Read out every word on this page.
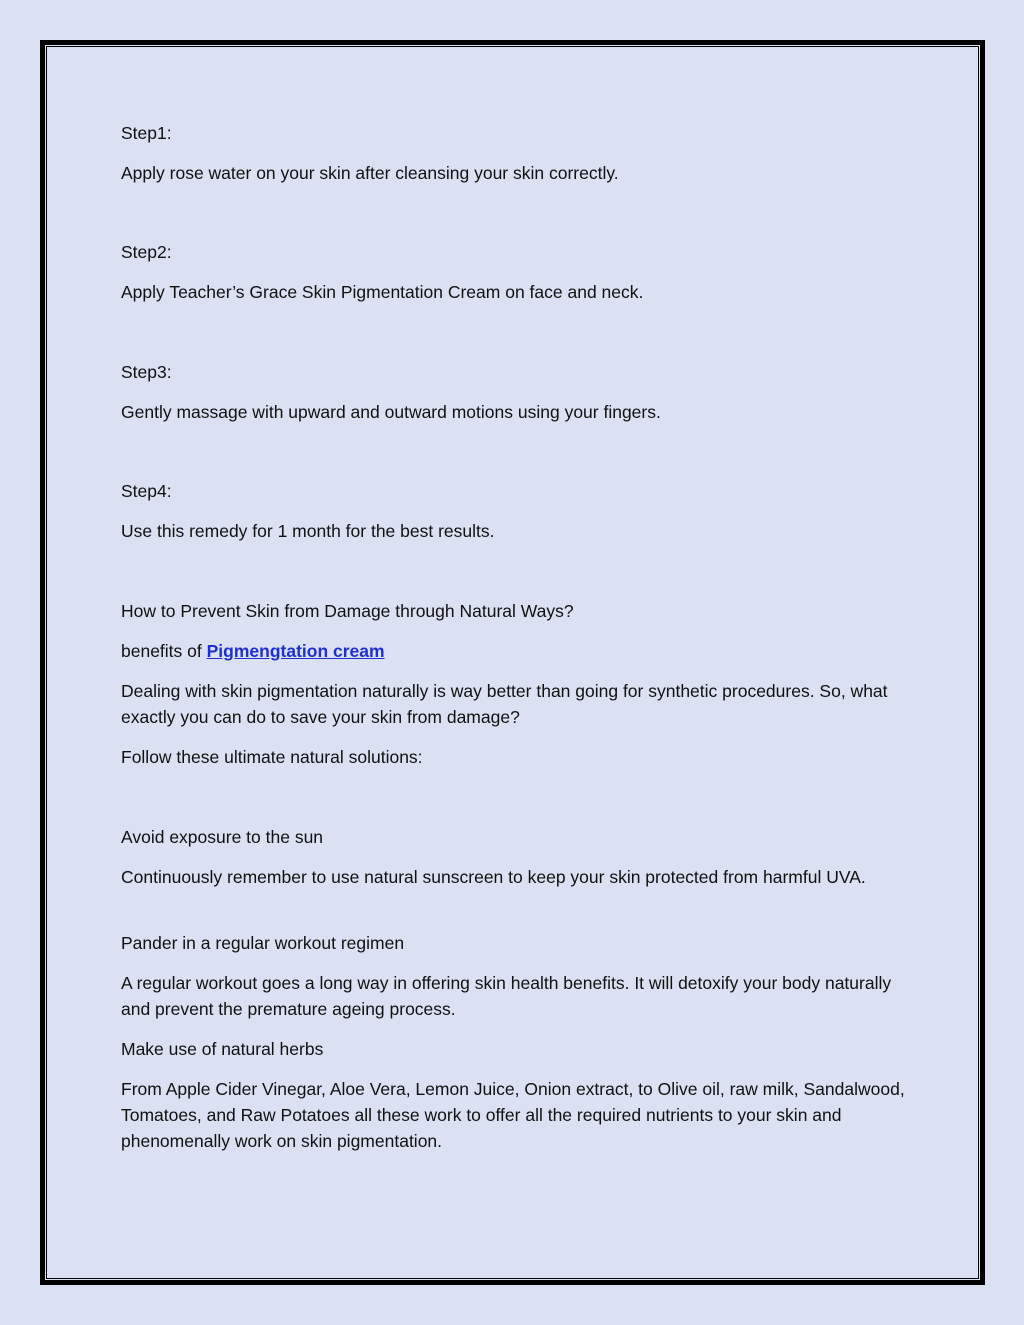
Step1:

Apply rose water on your skin after cleansing your skin correctly.

Step2:

Apply Teacher’s Grace Skin Pigmentation Cream on face and neck.

Step3:

Gently massage with upward and outward motions using your fingers.

Step4:

Use this remedy for 1 month for the best results.

How to Prevent Skin from Damage through Natural Ways?

benefits of Pigmengtation cream

Dealing with skin pigmentation naturally is way better than going for synthetic procedures. So, what exactly you can do to save your skin from damage?

Follow these ultimate natural solutions:

Avoid exposure to the sun

Continuously remember to use natural sunscreen to keep your skin protected from harmful UVA.

Pander in a regular workout regimen

A regular workout goes a long way in offering skin health benefits. It will detoxify your body naturally and prevent the premature ageing process.

Make use of natural herbs

From Apple Cider Vinegar, Aloe Vera, Lemon Juice, Onion extract, to Olive oil, raw milk, Sandalwood, Tomatoes, and Raw Potatoes all these work to offer all the required nutrients to your skin and phenomenally work on skin pigmentation.
